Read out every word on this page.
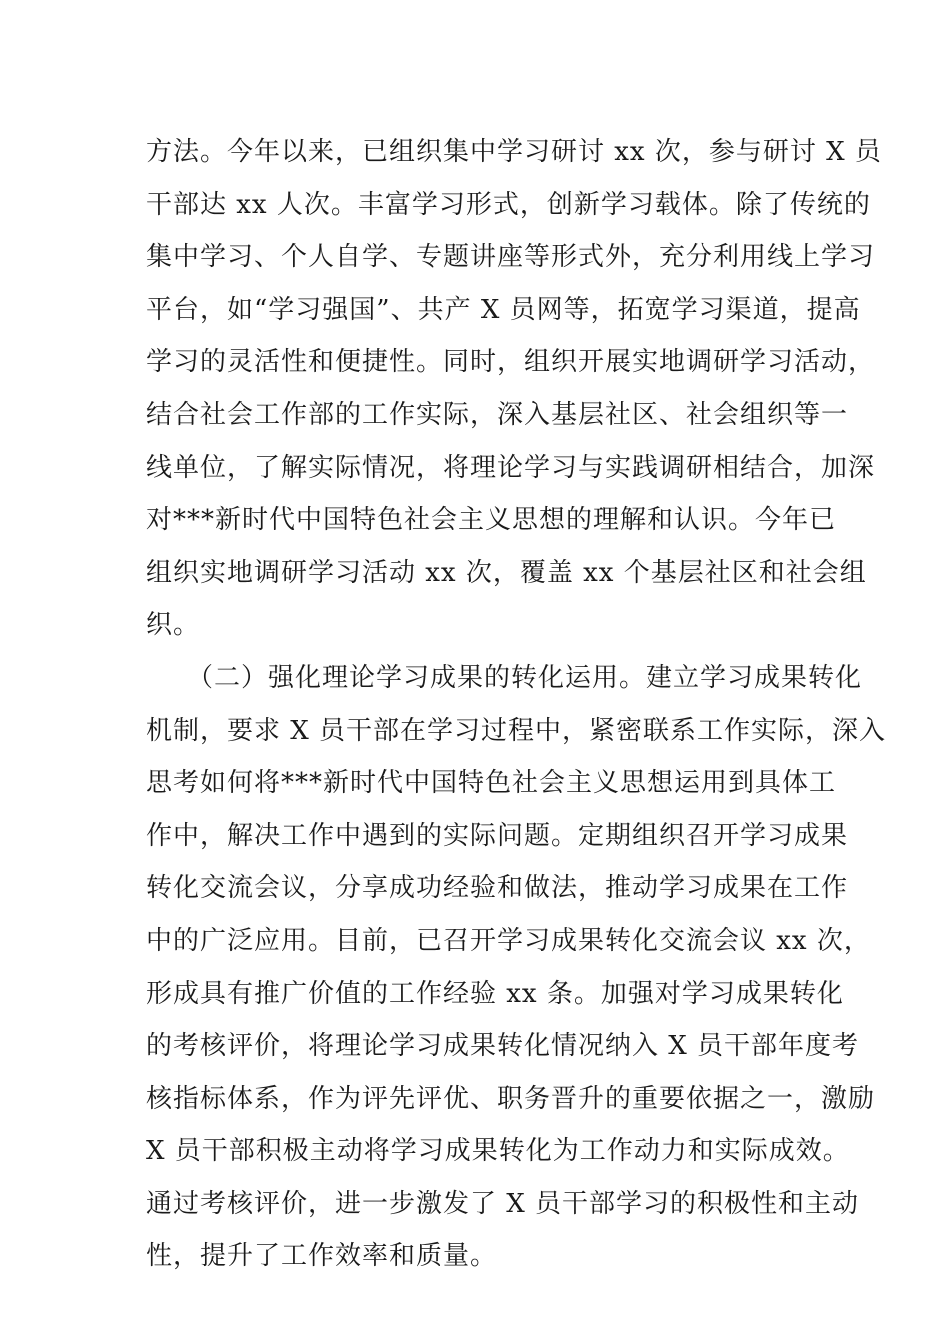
方法。今年以来，已组织集中学习研讨 xx 次，参与研讨 X 员
干部达 xx 人次。丰富学习形式，创新学习载体。除了传统的
集中学习、个人自学、专题讲座等形式外，充分利用线上学习
平台，如“学习强国”、共产 X 员网等，拓宽学习渠道，提高
学习的灵活性和便捷性。同时，组织开展实地调研学习活动，
结合社会工作部的工作实际，深入基层社区、社会组织等一
线单位，了解实际情况，将理论学习与实践调研相结合，加深
对***新时代中国特色社会主义思想的理解和认识。今年已
组织实地调研学习活动 xx 次，覆盖 xx 个基层社区和社会组
织。
　　（二）强化理论学习成果的转化运用。建立学习成果转化
机制，要求 X 员干部在学习过程中，紧密联系工作实际，深入
思考如何将***新时代中国特色社会主义思想运用到具体工
作中，解决工作中遇到的实际问题。定期组织召开学习成果
转化交流会议，分享成功经验和做法，推动学习成果在工作
中的广泛应用。目前，已召开学习成果转化交流会议 xx 次，
形成具有推广价值的工作经验 xx 条。加强对学习成果转化
的考核评价，将理论学习成果转化情况纳入 X 员干部年度考
核指标体系，作为评先评优、职务晋升的重要依据之一，激励
X 员干部积极主动将学习成果转化为工作动力和实际成效。
通过考核评价，进一步激发了 X 员干部学习的积极性和主动
性，提升了工作效率和质量。
